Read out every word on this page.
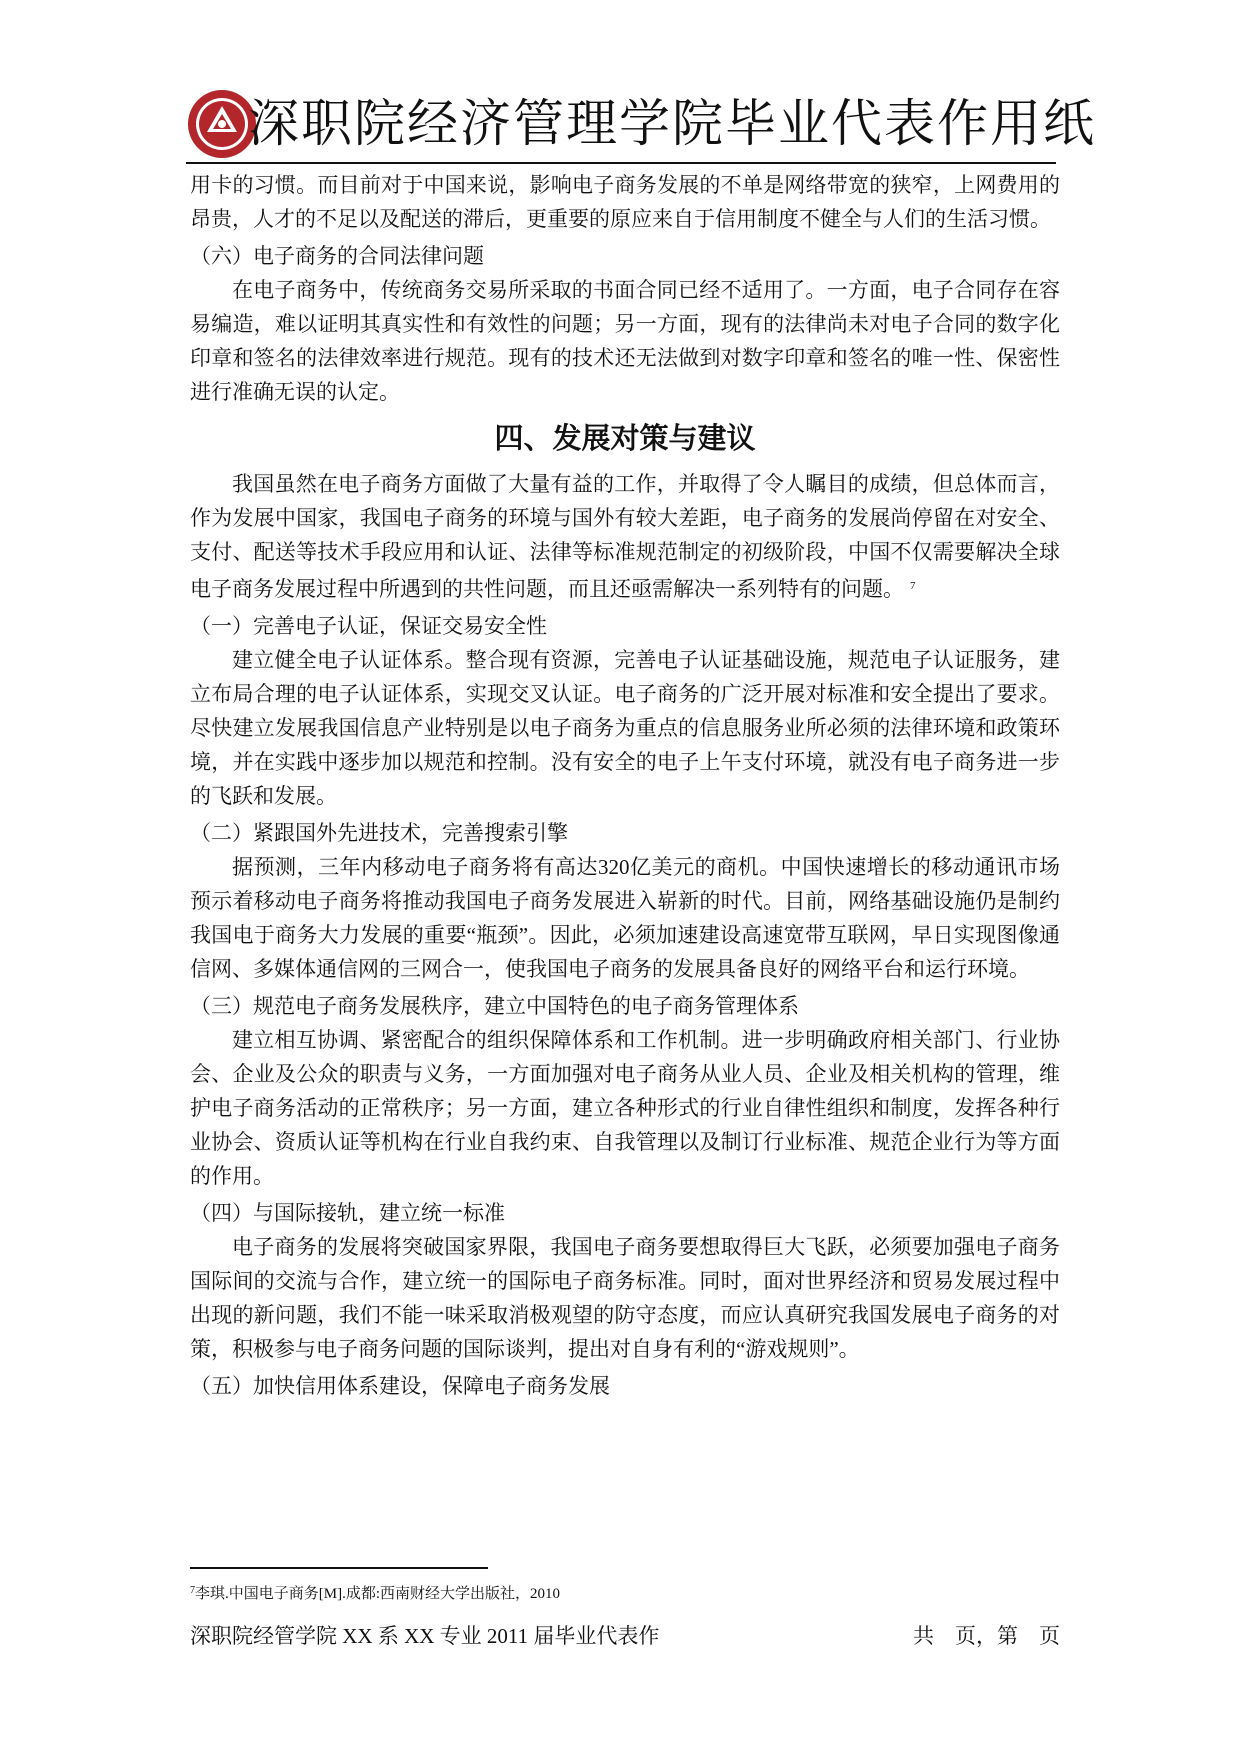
深职院经济管理学院毕业代表作用纸

用卡的习惯。而目前对于中国来说，影响电子商务发展的不单是网络带宽的狭窄，上网费用的昂贵，人才的不足以及配送的滞后，更重要的原应来自于信用制度不健全与人们的生活习惯。

（六）电子商务的合同法律问题

在电子商务中，传统商务交易所采取的书面合同已经不适用了。一方面，电子合同存在容易编造，难以证明其真实性和有效性的问题；另一方面，现有的法律尚未对电子合同的数字化印章和签名的法律效率进行规范。现有的技术还无法做到对数字印章和签名的唯一性、保密性进行准确无误的认定。

四、发展对策与建议

我国虽然在电子商务方面做了大量有益的工作，并取得了令人瞩目的成绩，但总体而言，作为发展中国家，我国电子商务的环境与国外有较大差距，电子商务的发展尚停留在对安全、支付、配送等技术手段应用和认证、法律等标准规范制定的初级阶段，中国不仅需要解决全球电子商务发展过程中所遇到的共性问题，而且还亟需解决一系列特有的问题。 $^7$

（一）完善电子认证，保证交易安全性

建立健全电子认证体系。整合现有资源，完善电子认证基础设施，规范电子认证服务，建立布局合理的电子认证体系，实现交叉认证。电子商务的广泛开展对标准和安全提出了要求。尽快建立发展我国信息产业特别是以电子商务为重点的信息服务业所必须的法律环境和政策环境，并在实践中逐步加以规范和控制。没有安全的电子上午支付环境，就没有电子商务进一步的飞跃和发展。

（二）紧跟国外先进技术，完善搜索引擎

据预测，三年内移动电子商务将有高达320亿美元的商机。中国快速增长的移动通讯市场预示着移动电子商务将推动我国电子商务发展进入崭新的时代。目前，网络基础设施仍是制约我国电于商务大力发展的重要“瓶颈”。因此，必须加速建设高速宽带互联网，早日实现图像通信网、多媒体通信网的三网合一，使我国电子商务的发展具备良好的网络平台和运行环境。

（三）规范电子商务发展秩序，建立中国特色的电子商务管理体系

建立相互协调、紧密配合的组织保障体系和工作机制。进一步明确政府相关部门、行业协会、企业及公众的职责与义务，一方面加强对电子商务从业人员、企业及相关机构的管理，维护电子商务活动的正常秩序；另一方面，建立各种形式的行业自律性组织和制度，发挥各种行业协会、资质认证等机构在行业自我约束、自我管理以及制订行业标准、规范企业行为等方面的作用。

（四）与国际接轨，建立统一标准

电子商务的发展将突破国家界限，我国电子商务要想取得巨大飞跃，必须要加强电子商务国际间的交流与合作，建立统一的国际电子商务标准。同时，面对世界经济和贸易发展过程中出现的新问题，我们不能一味采取消极观望的防守态度，而应认真研究我国发展电子商务的对策，积极参与电子商务问题的国际谈判，提出对自身有利的“游戏规则”。

（五）加快信用体系建设，保障电子商务发展

$^7$李琪.中国电子商务[M].成都:西南财经大学出版社，2010
深职院经管学院 XX 系 XX 专业 2011 届毕业代表作	共　页，第　页
